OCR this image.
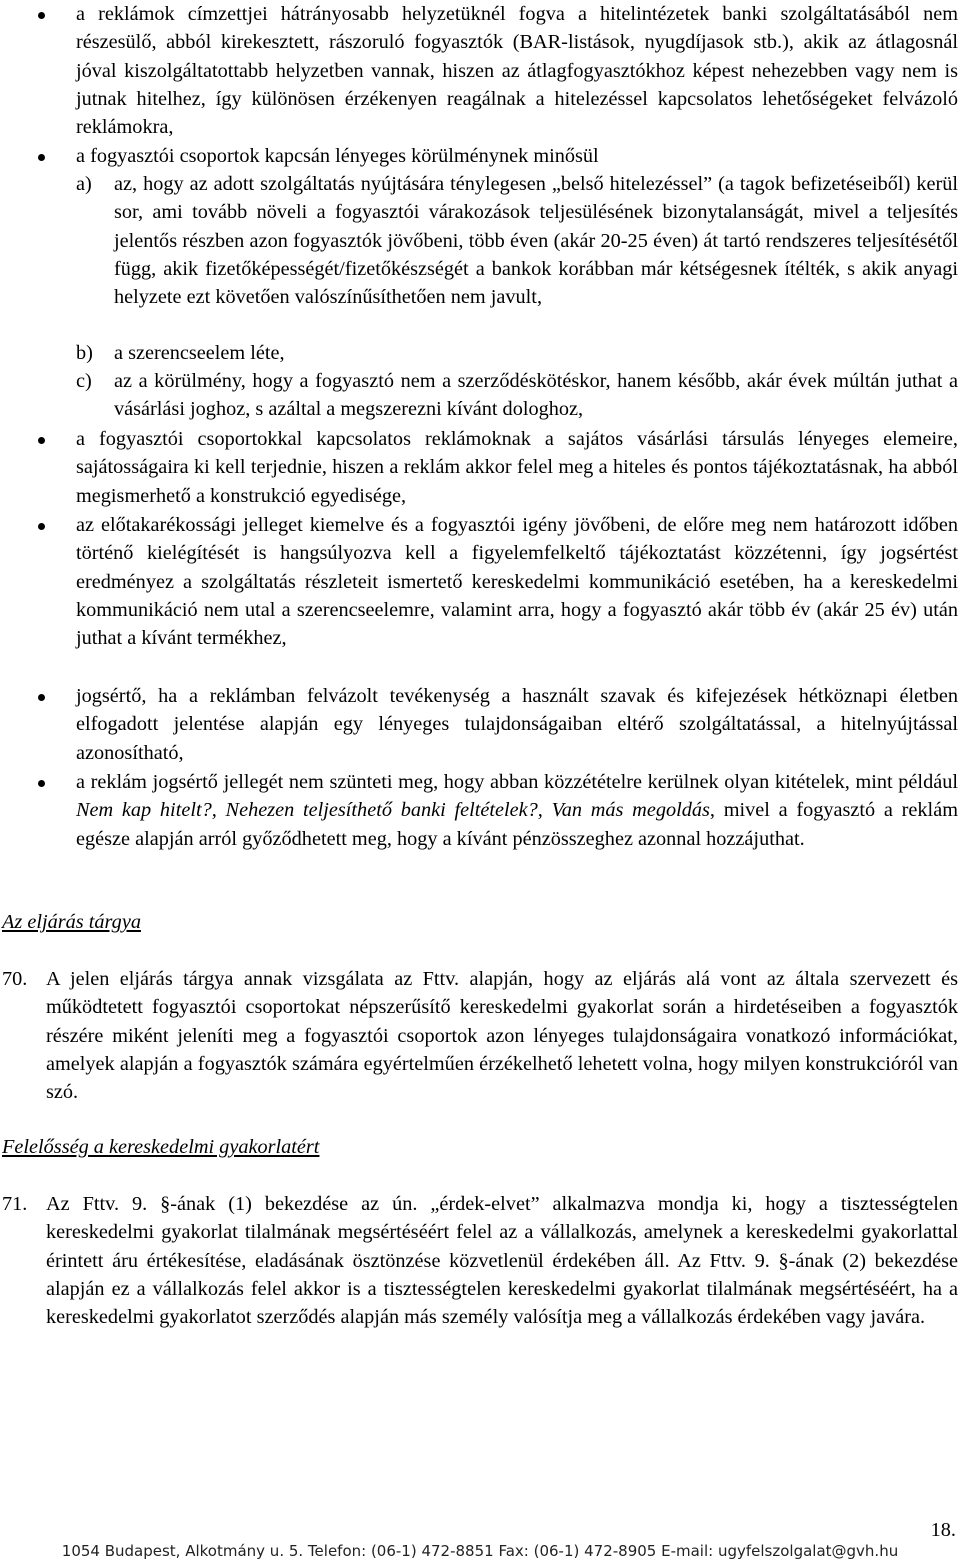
a reklámok címzettjei hátrányosabb helyzetüknél fogva a hitelintézetek banki szolgáltatásából nem részesülő, abból kirekesztett, rászoruló fogyasztók (BAR-listások, nyugdíjasok stb.), akik az átlagosnál jóval kiszolgáltatottabb helyzetben vannak, hiszen az átlagfogyasztókhoz képest nehezebben vagy nem is jutnak hitelhez, így különösen érzékenyen reagálnak a hitelezéssel kapcsolatos lehetőségeket felvázoló reklámokra,
a fogyasztói csoportok kapcsán lényeges körülménynek minősül
a) az, hogy az adott szolgáltatás nyújtására ténylegesen „belső hitelezéssel” (a tagok befizetéseiből) kerül sor, ami tovább növeli a fogyasztói várakozások teljesülésének bizonytalanságát, mivel a teljesítés jelentős részben azon fogyasztók jövőbeni, több éven (akár 20-25 éven) át tartó rendszeres teljesítésétől függ, akik fizetőképességét/fizetőkészségét a bankok korábban már kétségesnek ítélték, s akik anyagi helyzete ezt követően valószínűsíthetően nem javult,
b) a szerencseelem léte,
c) az a körülmény, hogy a fogyasztó nem a szerződéskötéskor, hanem később, akár évek múltán juthat a vásárlási joghoz, s azáltal a megszerezni kívánt dologhoz,
a fogyasztói csoportokkal kapcsolatos reklámoknak a sajátos vásárlási társulás lényeges elemeire, sajátosságaira ki kell terjednie, hiszen a reklám akkor felel meg a hiteles és pontos tájékoztatásnak, ha abból megismerhető a konstrukció egyedisége,
az előtakarékossági jelleget kiemelve és a fogyasztói igény jövőbeni, de előre meg nem határozott időben történő kielégítését is hangsúlyozva kell a figyelemfelkeltő tájékoztatást közzétenni, így jogsértést eredményez a szolgáltatás részleteit ismertető kereskedelmi kommunikáció esetében, ha a kereskedelmi kommunikáció nem utal a szerencseelemre, valamint arra, hogy a fogyasztó akár több év (akár 25 év) után juthat a kívánt termékhez,
jogsértő, ha a reklámban felvázolt tevékenység a használt szavak és kifejezések hétköznapi életben elfogadott jelentése alapján egy lényeges tulajdonságaiban eltérő szolgáltatással, a hitelnyújtással azonosítható,
a reklám jogsértő jellegét nem szünteti meg, hogy abban közzétételre kerülnek olyan kitételek, mint például Nem kap hitelt?, Nehezen teljesíthető banki feltételek?, Van más megoldás, mivel a fogyasztó a reklám egésze alapján arról győződhetett meg, hogy a kívánt pénzösszeghez azonnal hozzájuthat.
Az eljárás tárgya
70. A jelen eljárás tárgya annak vizsgálata az Fttv. alapján, hogy az eljárás alá vont az általa szervezett és működtetett fogyasztói csoportokat népszerűsítő kereskedelmi gyakorlat során a hirdetéseiben a fogyasztók részére miként jeleníti meg a fogyasztói csoportok azon lényeges tulajdonságaira vonatkozó információkat, amelyek alapján a fogyasztók számára egyértelműen érzékelhető lehetett volna, hogy milyen konstrukcióról van szó.
Felelősség a kereskedelmi gyakorlatért
71. Az Fttv. 9. §-ának (1) bekezdése az ún. „érdek-elvet” alkalmazva mondja ki, hogy a tisztességtelen kereskedelmi gyakorlat tilalmának megsértéséért felel az a vállalkozás, amelynek a kereskedelmi gyakorlattal érintett áru értékesítése, eladásának ösztönzése közvetlenül érdekében áll. Az Fttv. 9. §-ának (2) bekezdése alapján ez a vállalkozás felel akkor is a tisztességtelen kereskedelmi gyakorlat tilalmának megsértéséért, ha a kereskedelmi gyakorlatot szerződés alapján más személy valósítja meg a vállalkozás érdekében vagy javára.
18.
1054 Budapest, Alkotmány u. 5. Telefon: (06-1) 472-8851 Fax: (06-1) 472-8905 E-mail: ugyfelszolgalat@gvh.hu
